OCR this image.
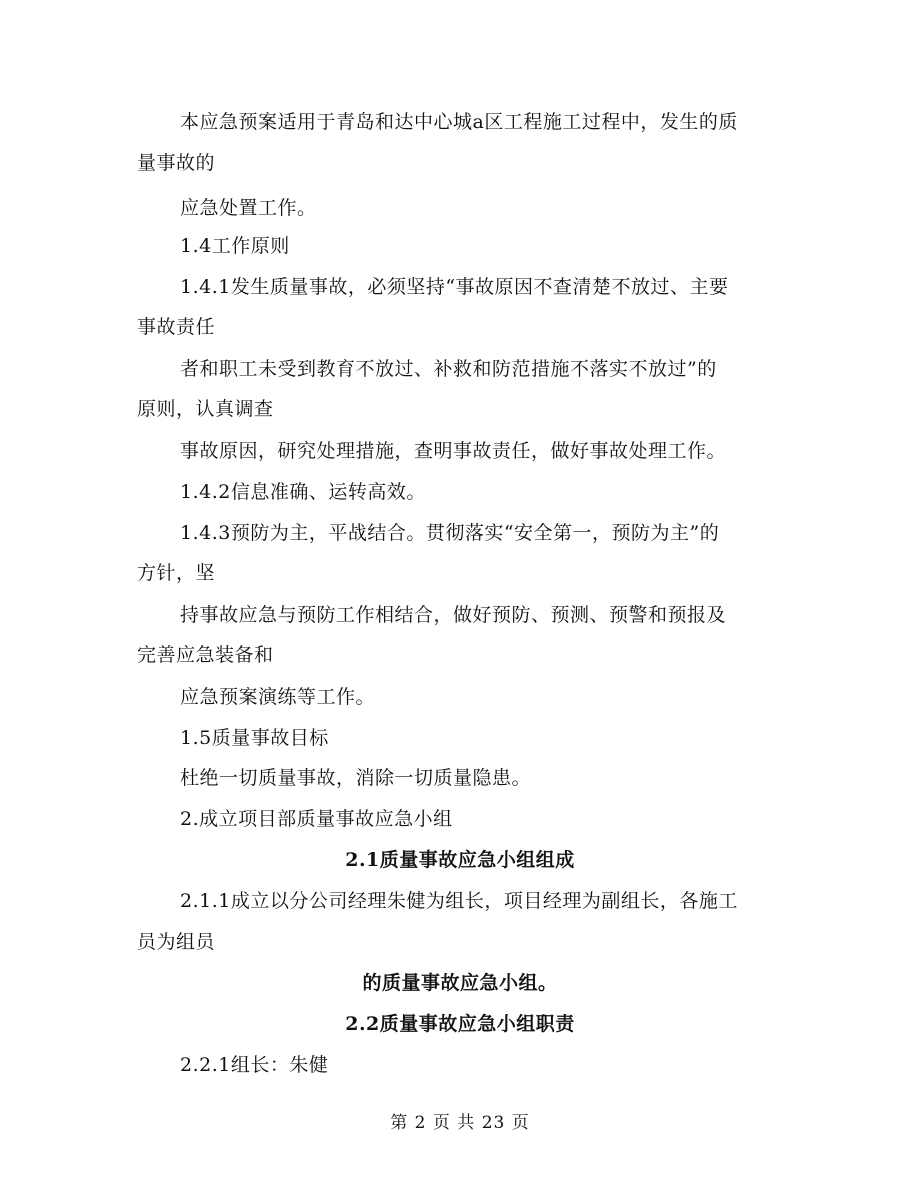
本应急预案适用于青岛和达中心城a区工程施工过程中，发生的质
量事故的
应急处置工作。
1.4工作原则
1.4.1发生质量事故，必须坚持“事故原因不查清楚不放过、主要
事故责任
者和职工未受到教育不放过、补救和防范措施不落实不放过”的
原则，认真调查
事故原因，研究处理措施，查明事故责任，做好事故处理工作。
1.4.2信息准确、运转高效。
1.4.3预防为主，平战结合。贯彻落实“安全第一，预防为主”的
方针，坚
持事故应急与预防工作相结合，做好预防、预测、预警和预报及
完善应急装备和
应急预案演练等工作。
1.5质量事故目标
杜绝一切质量事故，消除一切质量隐患。
2.成立项目部质量事故应急小组
2.1质量事故应急小组组成
2.1.1成立以分公司经理朱健为组长，项目经理为副组长，各施工
员为组员
的质量事故应急小组。
2.2质量事故应急小组职责
2.2.1组长：朱健
第 2 页 共 23 页
